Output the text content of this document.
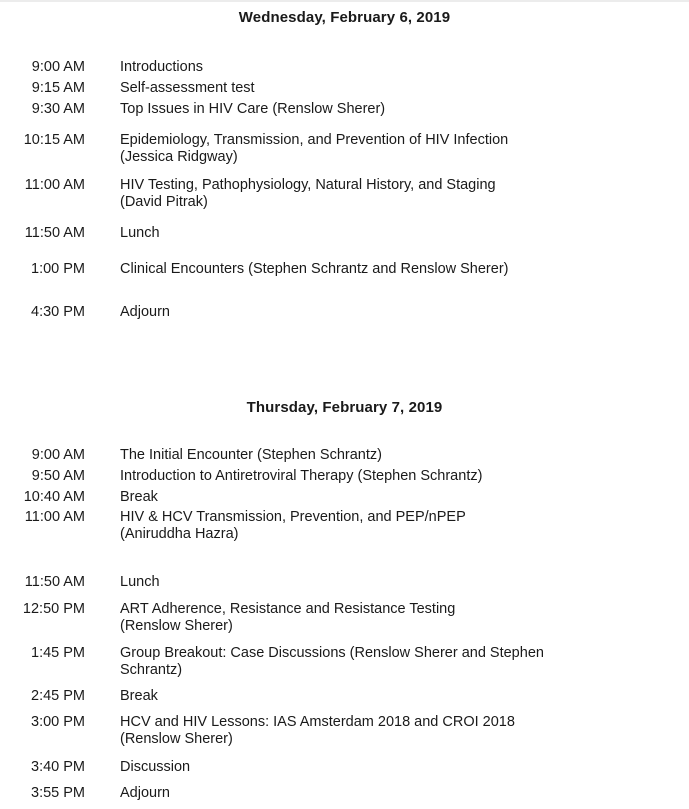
Wednesday, February 6, 2019
9:00 AM Introductions
9:15 AM Self-assessment test
9:30 AM Top Issues in HIV Care (Renslow Sherer)
10:15 AM Epidemiology, Transmission, and Prevention of HIV Infection
(Jessica Ridgway)
11:00 AM HIV Testing, Pathophysiology, Natural History, and Staging
(David Pitrak)
11:50 AM Lunch
1:00 PM Clinical Encounters (Stephen Schrantz and Renslow Sherer)
4:30 PM Adjourn
Thursday, February 7, 2019
9:00 AM The Initial Encounter (Stephen Schrantz)
9:50 AM Introduction to Antiretroviral Therapy (Stephen Schrantz)
10:40 AM Break
11:00 AM HIV & HCV Transmission, Prevention, and PEP/nPEP
(Aniruddha Hazra)
11:50 AM Lunch
12:50 PM ART Adherence, Resistance and Resistance Testing
(Renslow Sherer)
1:45 PM Group Breakout: Case Discussions (Renslow Sherer and Stephen
Schrantz)
2:45 PM Break
3:00 PM HCV and HIV Lessons: IAS Amsterdam 2018 and CROI 2018
(Renslow Sherer)
3:40 PM Discussion
3:55 PM Adjourn
